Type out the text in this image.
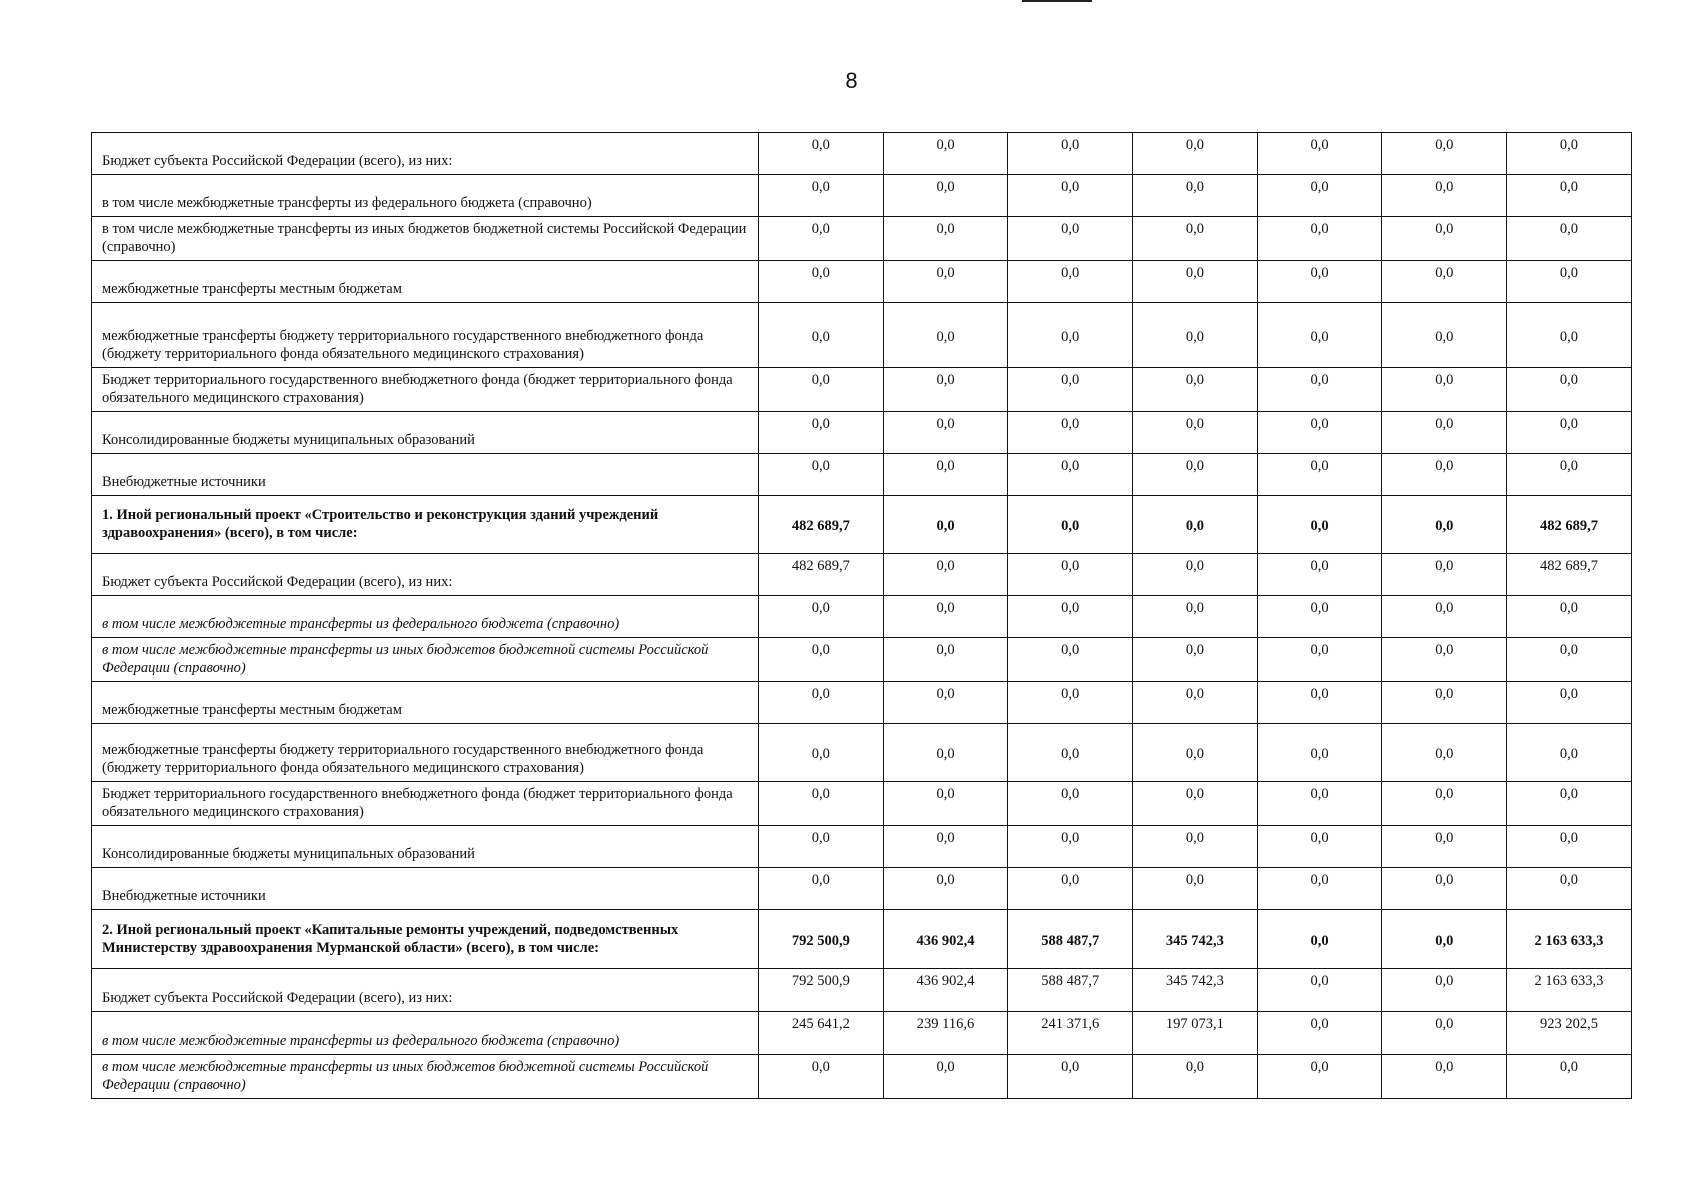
8
Бюджет субъекта Российской Федерации (всего), из них:	0,0	0,0	0,0	0,0	0,0	0,0	0,0
в том числе межбюджетные трансферты из федерального бюджета (справочно)	0,0	0,0	0,0	0,0	0,0	0,0	0,0
в том числе межбюджетные трансферты из иных бюджетов бюджетной системы Российской Федерации (справочно)	0,0	0,0	0,0	0,0	0,0	0,0	0,0
межбюджетные трансферты местным бюджетам	0,0	0,0	0,0	0,0	0,0	0,0	0,0
межбюджетные трансферты бюджету территориального государственного внебюджетного фонда (бюджету территориального фонда обязательного медицинского страхования)	0,0	0,0	0,0	0,0	0,0	0,0	0,0
Бюджет территориального государственного внебюджетного фонда (бюджет территориального фонда обязательного медицинского страхования)	0,0	0,0	0,0	0,0	0,0	0,0	0,0
Консолидированные бюджеты муниципальных образований	0,0	0,0	0,0	0,0	0,0	0,0	0,0
Внебюджетные источники	0,0	0,0	0,0	0,0	0,0	0,0	0,0
1. Иной региональный проект «Строительство и реконструкция зданий учреждений здравоохранения» (всего), в том числе:	482 689,7	0,0	0,0	0,0	0,0	0,0	482 689,7
Бюджет субъекта Российской Федерации (всего), из них:	482 689,7	0,0	0,0	0,0	0,0	0,0	482 689,7
в том числе межбюджетные трансферты из федерального бюджета (справочно)	0,0	0,0	0,0	0,0	0,0	0,0	0,0
в том числе межбюджетные трансферты из иных бюджетов бюджетной системы Российской Федерации (справочно)	0,0	0,0	0,0	0,0	0,0	0,0	0,0
межбюджетные трансферты местным бюджетам	0,0	0,0	0,0	0,0	0,0	0,0	0,0
межбюджетные трансферты бюджету территориального государственного внебюджетного фонда (бюджету территориального фонда обязательного медицинского страхования)	0,0	0,0	0,0	0,0	0,0	0,0	0,0
Бюджет территориального государственного внебюджетного фонда (бюджет территориального фонда обязательного медицинского страхования)	0,0	0,0	0,0	0,0	0,0	0,0	0,0
Консолидированные бюджеты муниципальных образований	0,0	0,0	0,0	0,0	0,0	0,0	0,0
Внебюджетные источники	0,0	0,0	0,0	0,0	0,0	0,0	0,0
2. Иной региональный проект «Капитальные ремонты учреждений, подведомственных Министерству здравоохранения Мурманской области» (всего), в том числе:	792 500,9	436 902,4	588 487,7	345 742,3	0,0	0,0	2 163 633,3
Бюджет субъекта Российской Федерации (всего), из них:	792 500,9	436 902,4	588 487,7	345 742,3	0,0	0,0	2 163 633,3
в том числе межбюджетные трансферты из федерального бюджета (справочно)	245 641,2	239 116,6	241 371,6	197 073,1	0,0	0,0	923 202,5
в том числе межбюджетные трансферты из иных бюджетов бюджетной системы Российской Федерации (справочно)	0,0	0,0	0,0	0,0	0,0	0,0	0,0
